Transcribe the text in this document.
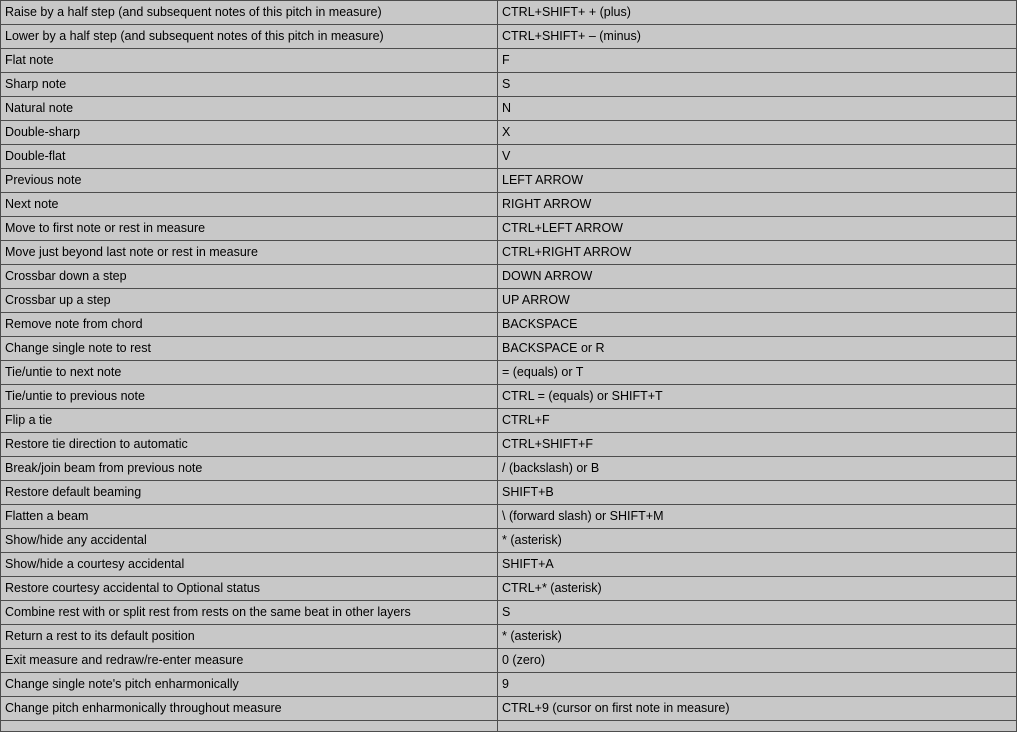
Raise by a half step (and subsequent notes of this pitch in measure)	CTRL+SHIFT+ + (plus)
Lower by a half step (and subsequent notes of this pitch in measure)	CTRL+SHIFT+ – (minus)
Flat note	F
Sharp note	S
Natural note	N
Double-sharp	X
Double-flat	V
Previous note	LEFT ARROW
Next note	RIGHT ARROW
Move to first note or rest in measure	CTRL+LEFT ARROW
Move just beyond last note or rest in measure	CTRL+RIGHT ARROW
Crossbar down a step	DOWN ARROW
Crossbar up a step	UP ARROW
Remove note from chord	BACKSPACE
Change single note to rest	BACKSPACE or R
Tie/untie to next note	= (equals) or T
Tie/untie to previous note	CTRL = (equals) or SHIFT+T
Flip a tie	CTRL+F
Restore tie direction to automatic	CTRL+SHIFT+F
Break/join beam from previous note	/ (backslash) or B
Restore default beaming	SHIFT+B
Flatten a beam	\ (forward slash) or SHIFT+M
Show/hide any accidental	* (asterisk)
Show/hide a courtesy accidental	SHIFT+A
Restore courtesy accidental to Optional status	CTRL+* (asterisk)
Combine rest with or split rest from rests on the same beat in other layers	S
Return a rest to its default position	* (asterisk)
Exit measure and redraw/re-enter measure	0 (zero)
Change single note's pitch enharmonically	9
Change pitch enharmonically throughout measure	CTRL+9 (cursor on first note in measure)
